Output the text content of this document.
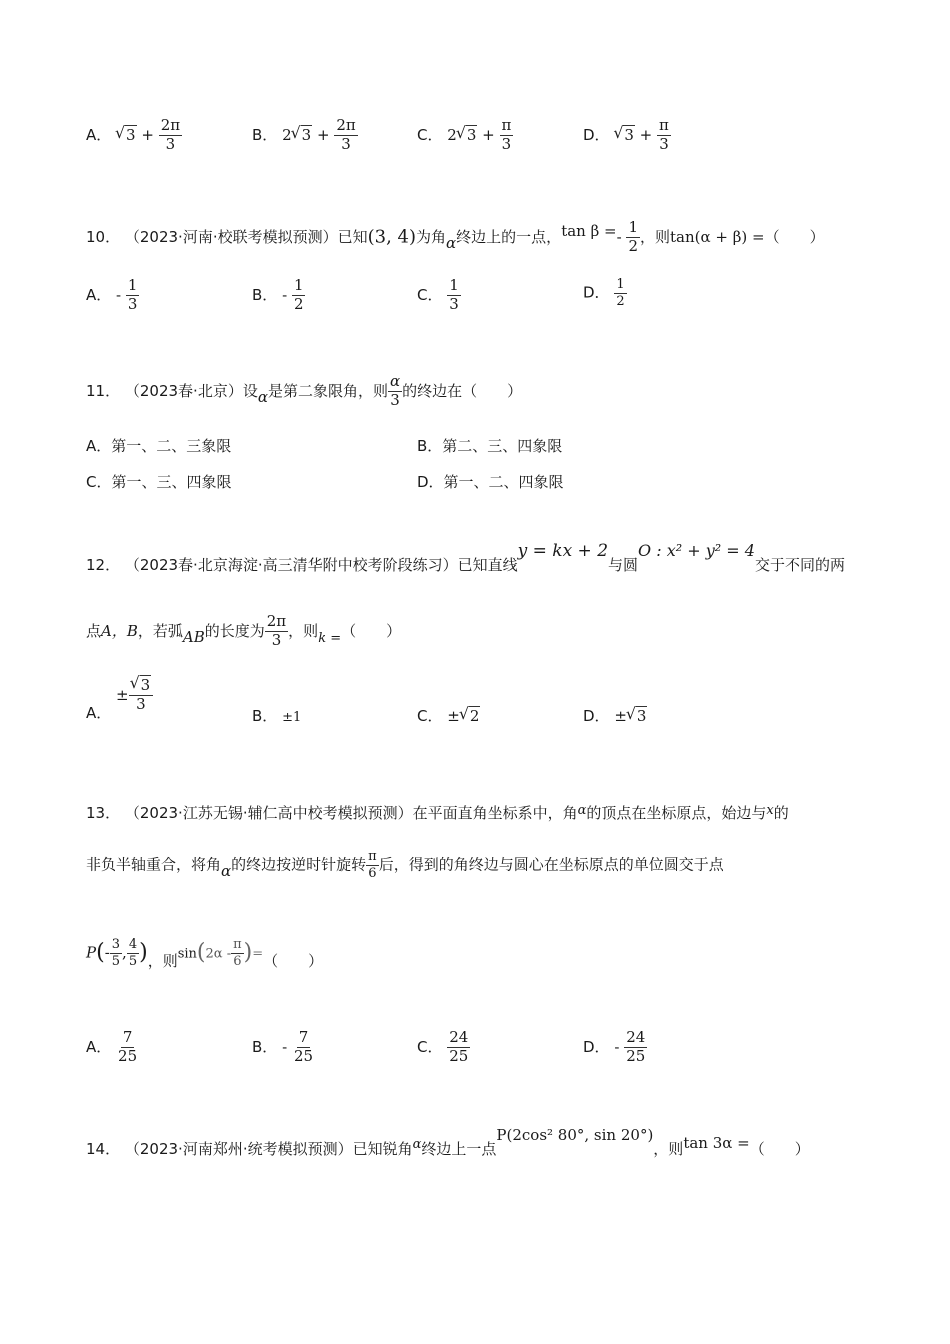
A． √ $3 + \frac{2\pi}{3}$	B． 2 √ $3 + \frac{2\pi}{3}$	C． 2 √ $3 + \frac{\pi}{3}$	D． √ $3 + \frac{\pi}{3}$
10． （2023·河南·校联考模拟预测）已知(3, 4)为角α终边上的一点，$\tan \beta =- \frac{1}{2}$ ，则tan(α + β) =（　　）
A． - $\frac{1}{3}$	B． - $\frac{1}{2}$	C． $\frac{1}{3}$	D． $\frac{1}{2}$
11． （2023春·北京）设α是第二象限角，则 $\frac{\alpha}{3}$ 的终边在（　　）
A．第一、二、三象限	B．第二、三、四象限
C．第一、三、四象限	D．第一、二、四象限
12． （2023春·北京海淀·高三清华附中校考阶段练习）已知直线y = kx + 2与圆O : x² + y² = 4交于不同的两
点A，B，若弧AB的长度为 $\frac{2\pi}{3}$ ，则k =（　　）
A． ± √ $\frac{3}{3}$
B． ±1	C． ± √ 2	D． ± √ 3
13． （2023·江苏无锡·辅仁高中校考模拟预测）在平面直角坐标系中，角α的顶点在坐标原点，始边与x的
非负半轴重合，将角α的终边按逆时针旋转 $\frac{\pi}{6}$ 后，得到的角终边与圆心在坐标原点的单位圆交于点
$P(- \frac{3}{5}$ , $\frac{4}{5}$ )，则$\sin(2\alpha - \frac{\pi}{6}$ )=（　　）
A． $\frac{7}{25}$	B． - $\frac{7}{25}$	C． $\frac{24}{25}$	D． - $\frac{24}{25}$
14． （2023·河南郑州·统考模拟预测）已知锐角α终边上一点P(2cos² 80°, sin 20°)，则tan 3α =（　　）
